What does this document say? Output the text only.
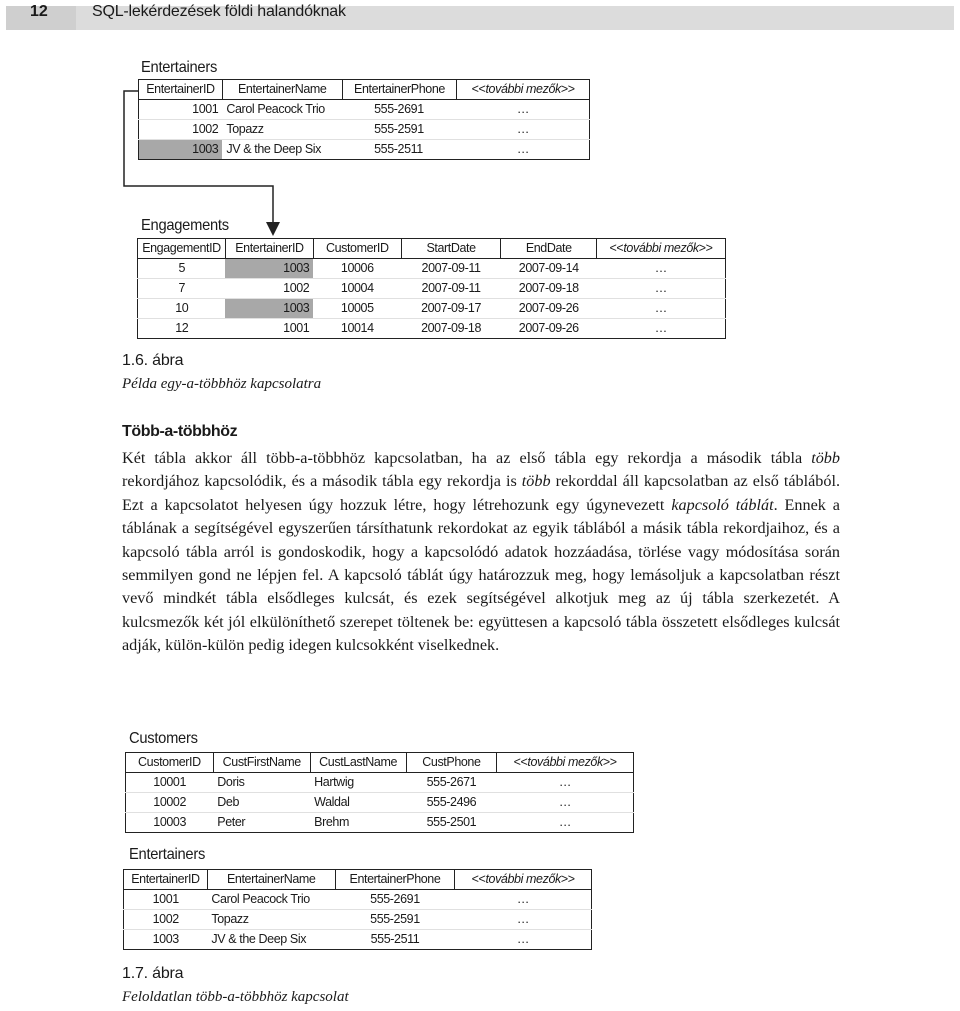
12	SQL-lekérdezések földi halandóknak
Entertainers
EntertainerID	EntertainerName	EntertainerPhone	<<további mezők>>
1001	Carol Peacock Trio	555-2691	…
1002	Topazz	555-2591	…
1003	JV & the Deep Six	555-2511	…
Engagements
EngagementID	EntertainerID	CustomerID	StartDate	EndDate	<<további mezők>>
5	1003	10006	2007-09-11	2007-09-14	…
7	1002	10004	2007-09-11	2007-09-18	…
10	1003	10005	2007-09-17	2007-09-26	…
12	1001	10014	2007-09-18	2007-09-26	…
1.6. ábra
Példa egy-a-többhöz kapcsolatra
Több-a-többhöz
Két tábla akkor áll több-a-többhöz kapcsolatban, ha az első tábla egy rekordja a második tábla több rekordjához kapcsolódik, és a második tábla egy rekordja is több rekorddal áll kapcsolatban az első táblából. Ezt a kapcsolatot helyesen úgy hozzuk létre, hogy létrehozunk egy úgynevezett kapcsoló táblát. Ennek a táblának a segítségével egyszerűen társíthatunk rekordokat az egyik táblából a másik tábla rekordjaihoz, és a kapcsoló tábla arról is gondoskodik, hogy a kapcsolódó adatok hozzáadása, törlése vagy módosítása során semmilyen gond ne lépjen fel. A kapcsoló táblát úgy határozzuk meg, hogy lemásoljuk a kapcsolatban részt vevő mindkét tábla elsődleges kulcsát, és ezek segítségével alkotjuk meg az új tábla szerkezetét. A kulcsmezők két jól elkülöníthető szerepet töltenek be: együttesen a kapcsoló tábla összetett elsődleges kulcsát adják, külön-külön pedig idegen kulcsokként viselkednek.
Customers
CustomerID	CustFirstName	CustLastName	CustPhone	<<további mezők>>
10001	Doris	Hartwig	555-2671	…
10002	Deb	Waldal	555-2496	…
10003	Peter	Brehm	555-2501	…
Entertainers
EntertainerID	EntertainerName	EntertainerPhone	<<további mezők>>
1001	Carol Peacock Trio	555-2691	…
1002	Topazz	555-2591	…
1003	JV & the Deep Six	555-2511	…
1.7. ábra
Feloldatlan több-a-többhöz kapcsolat
